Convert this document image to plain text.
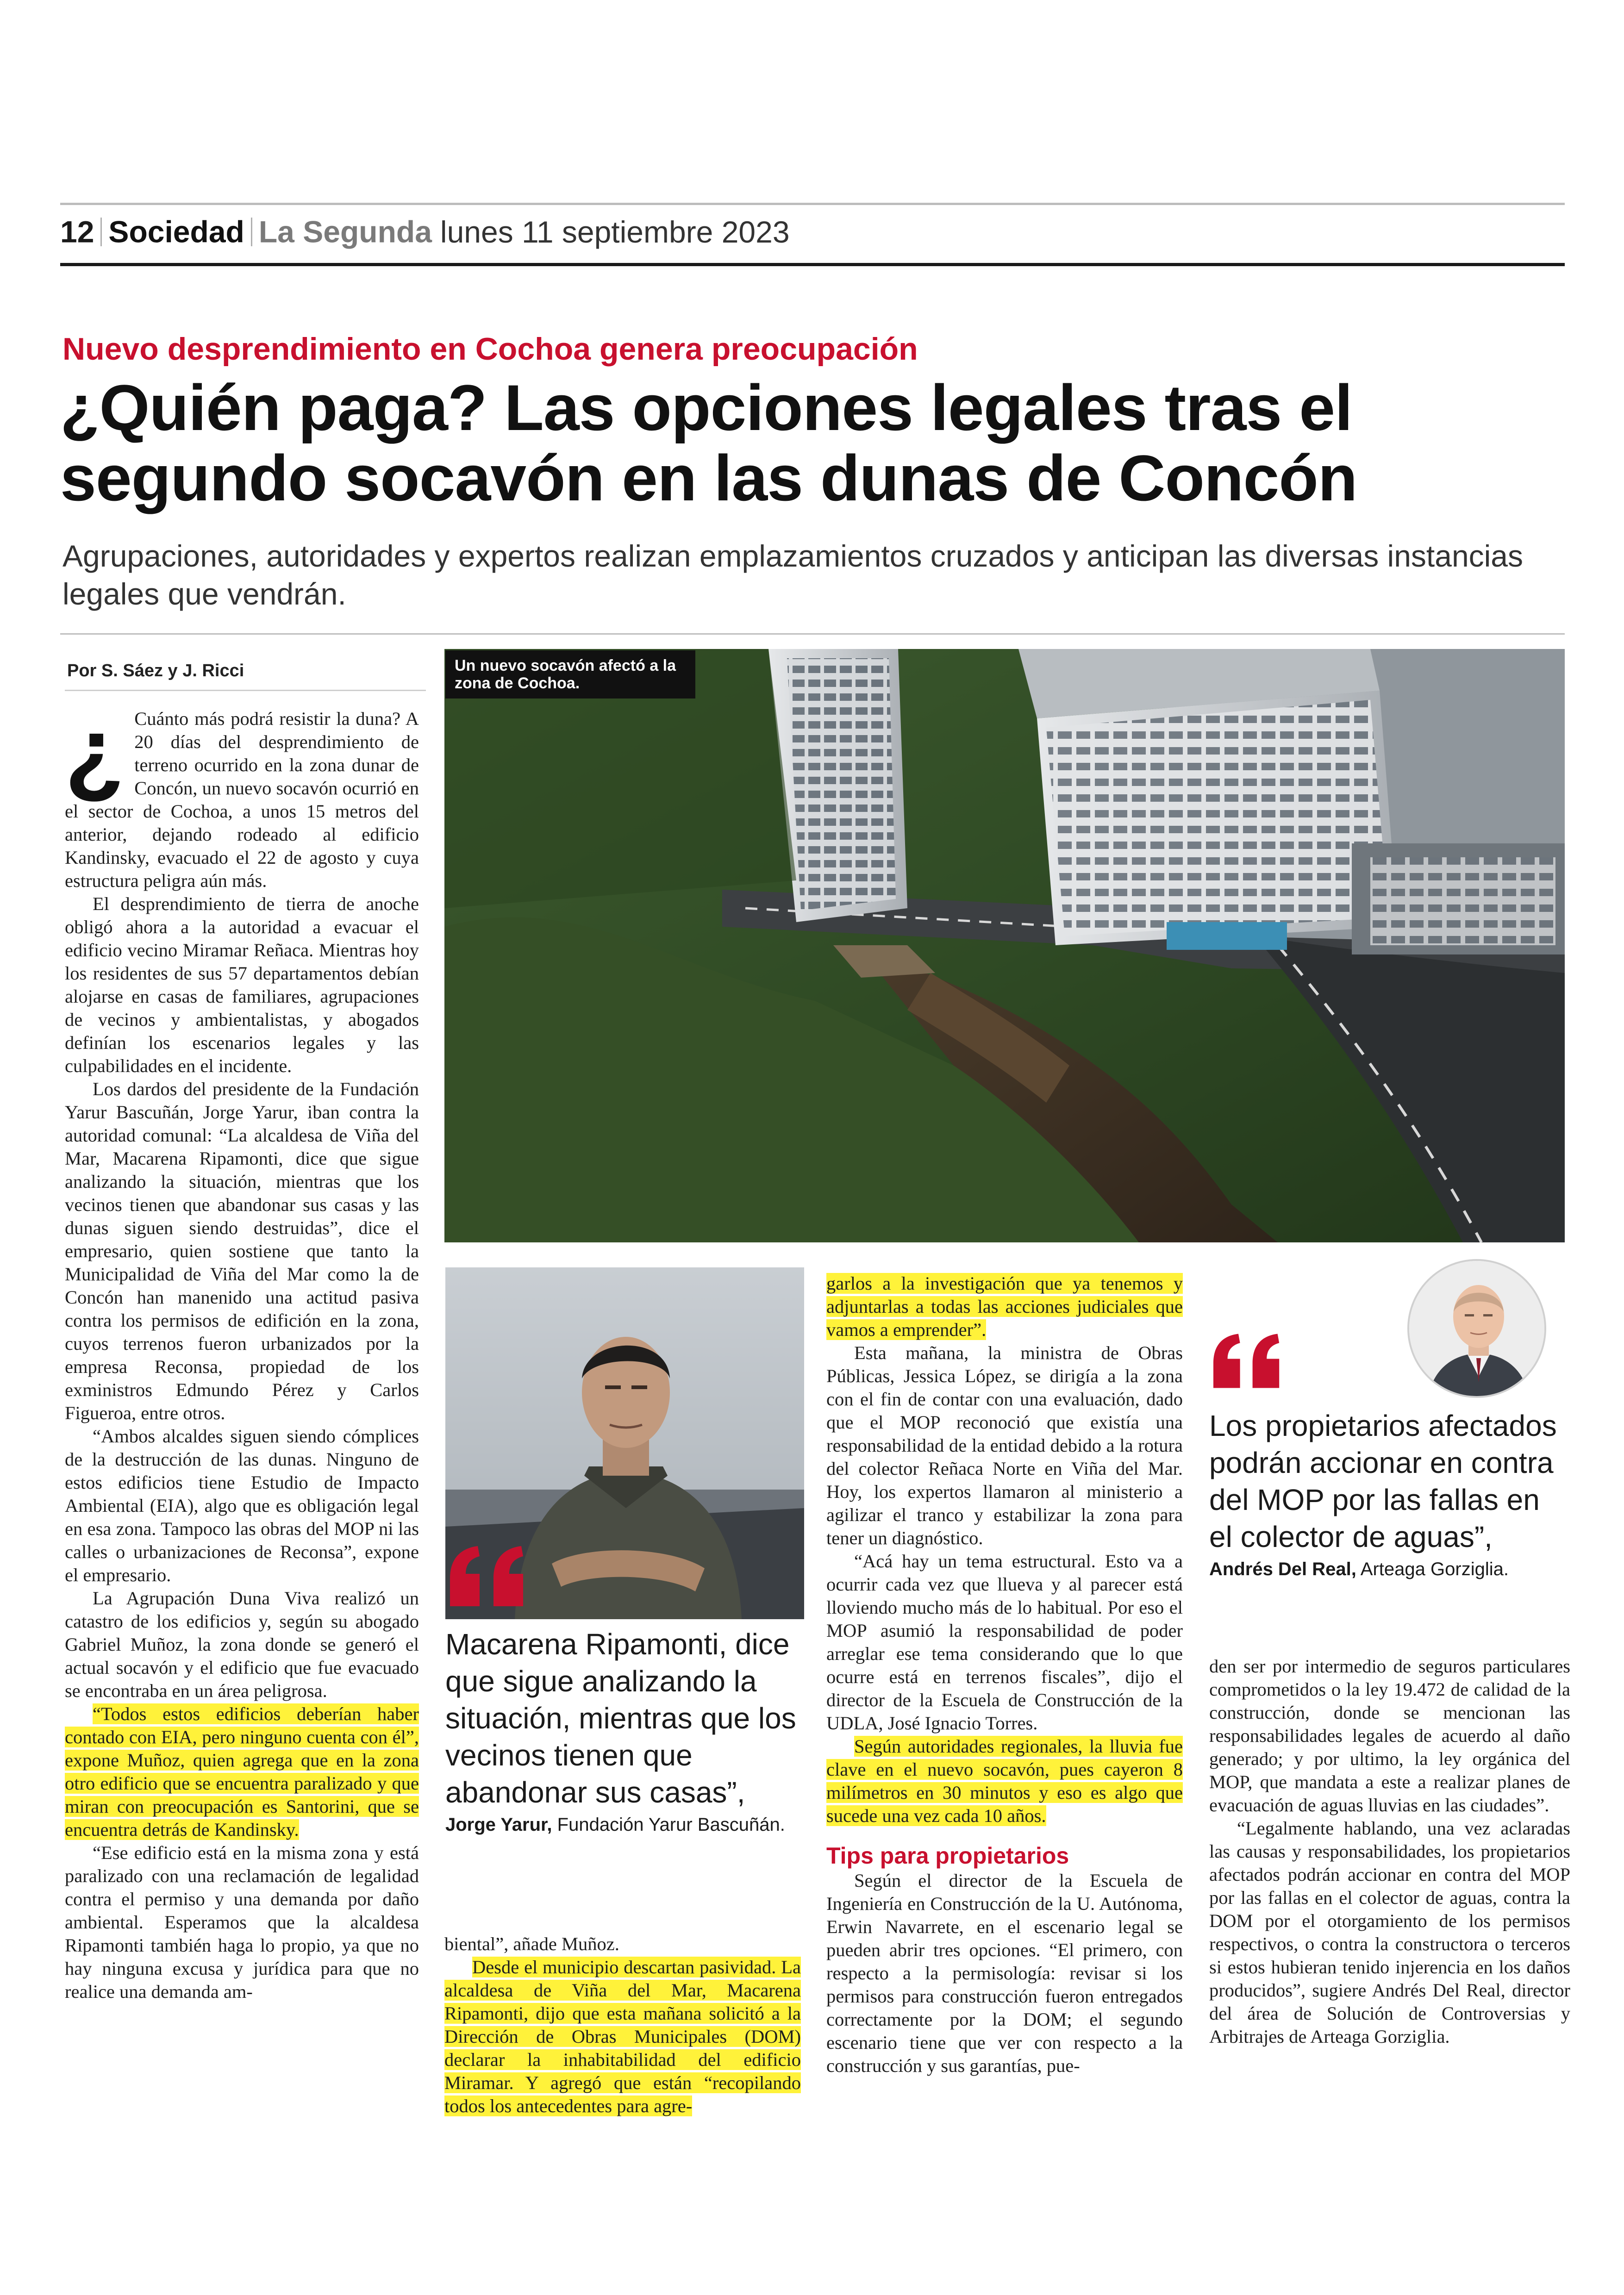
12 Sociedad La Segunda lunes 11 septiembre 2023
Nuevo desprendimiento en Cochoa genera preocupación
¿Quién paga? Las opciones legales tras el segundo socavón en las dunas de Concón
Agrupaciones, autoridades y expertos realizan emplazamientos cruzados y anticipan las diversas instancias legales que vendrán.
Por S. Sáez y J. Ricci

¿ Cuánto más podrá resistir la duna? A 20 días del desprendimiento de terreno ocurrido en la zona dunar de Concón, un nuevo socavón ocurrió en el sector de Cochoa, a unos 15 metros del anterior, dejando rodeado al edificio Kandinsky, evacuado el 22 de agosto y cuya estructura peligra aún más.

El desprendimiento de tierra de anoche obligó ahora a la autoridad a evacuar el edificio vecino Miramar Reñaca. Mientras hoy los residentes de sus 57 departamentos debían alojarse en casas de familiares, agrupaciones de vecinos y ambientalistas, y abogados definían los escenarios legales y las culpabilidades en el incidente.

Los dardos del presidente de la Fundación Yarur Bascuñán, Jorge Yarur, iban contra la autoridad comunal: “La alcaldesa de Viña del Mar, Macarena Ripamonti, dice que sigue analizando la situación, mientras que los vecinos tienen que abandonar sus casas y las dunas siguen siendo destruidas”, dice el empresario, quien sostiene que tanto la Municipalidad de Viña del Mar como la de Concón han manenido una actitud pasiva contra los permisos de edifición en la zona, cuyos terrenos fueron urbanizados por la empresa Reconsa, propiedad de los exministros Edmundo Pérez y Carlos Figueroa, entre otros.

“Ambos alcaldes siguen siendo cómplices de la destrucción de las dunas. Ninguno de estos edificios tiene Estudio de Impacto Ambiental (EIA), algo que es obligación legal en esa zona. Tampoco las obras del MOP ni las calles o urbanizaciones de Reconsa”, expone el empresario.

La Agrupación Duna Viva realizó un catastro de los edificios y, según su abogado Gabriel Muñoz, la zona donde se generó el actual socavón y el edificio que fue evacuado se encontraba en un área peligrosa.

“Todos estos edificios deberían haber contado con EIA, pero ninguno cuenta con él”, expone Muñoz, quien agrega que en la zona otro edificio que se encuentra paralizado y que miran con preocupación es Santorini, que se encuentra detrás de Kandinsky.

“Ese edificio está en la misma zona y está paralizado con una reclamación de legalidad contra el permiso y una demanda por daño ambiental. Esperamos que la alcaldesa Ripamonti también haga lo propio, ya que no hay ninguna excusa y jurídica para que no realice una demanda am-

Un nuevo socavón afectó a la zona de Cochoa.
Macarena Ripamonti, dice que sigue analizando la situación, mientras que los vecinos tienen que abandonar sus casas”,
Jorge Yarur, Fundación Yarur Bascuñán.

biental”, añade Muñoz.

Desde el municipio descartan pasividad. La alcaldesa de Viña del Mar, Macarena Ripamonti, dijo que esta mañana solicitó a la Dirección de Obras Municipales (DOM) declarar la inhabitabilidad del edificio Miramar. Y agregó que están “recopilando todos los antecedentes para agre-

garlos a la investigación que ya tenemos y adjuntarlas a todas las acciones judiciales que vamos a emprender”.

Esta mañana, la ministra de Obras Públicas, Jessica López, se dirigía a la zona con el fin de contar con una evaluación, dado que el MOP reconoció que existía una responsabilidad de la entidad debido a la rotura del colector Reñaca Norte en Viña del Mar. Hoy, los expertos llamaron al ministerio a agilizar el tranco y estabilizar la zona para tener un diagnóstico.

“Acá hay un tema estructural. Esto va a ocurrir cada vez que llueva y al parecer está lloviendo mucho más de lo habitual. Por eso el MOP asumió la responsabilidad de poder arreglar ese tema considerando que lo que ocurre está en terrenos fiscales”, dijo el director de la Escuela de Construcción de la UDLA, José Ignacio Torres.

Según autoridades regionales, la lluvia fue clave en el nuevo socavón, pues cayeron 8 milímetros en 30 minutos y eso es algo que sucede una vez cada 10 años.

Tips para propietarios

Según el director de la Escuela de Ingeniería en Construcción de la U. Autónoma, Erwin Navarrete, en el escenario legal se pueden abrir tres opciones. “El primero, con respecto a la permisología: revisar si los permisos para construcción fueron entregados correctamente por la DOM; el segundo escenario tiene que ver con respecto a la construcción y sus garantías, pue-

Los propietarios afectados podrán accionar en contra del MOP por las fallas en el colector de aguas”,
Andrés Del Real, Arteaga Gorziglia.

den ser por intermedio de seguros particulares comprometidos o la ley 19.472 de calidad de la construcción, donde se mencionan las responsabilidades legales de acuerdo al daño generado; y por ultimo, la ley orgánica del MOP, que mandata a este a realizar planes de evacuación de aguas lluvias en las ciudades”.

“Legalmente hablando, una vez aclaradas las causas y responsabilidades, los propietarios afectados podrán accionar en contra del MOP por las fallas en el colector de aguas, contra la DOM por el otorgamiento de los permisos respectivos, o contra la constructora o terceros si estos hubieran tenido injerencia en los daños producidos”, sugiere Andrés Del Real, director del área de Solución de Controversias y Arbitrajes de Arteaga Gorziglia.
